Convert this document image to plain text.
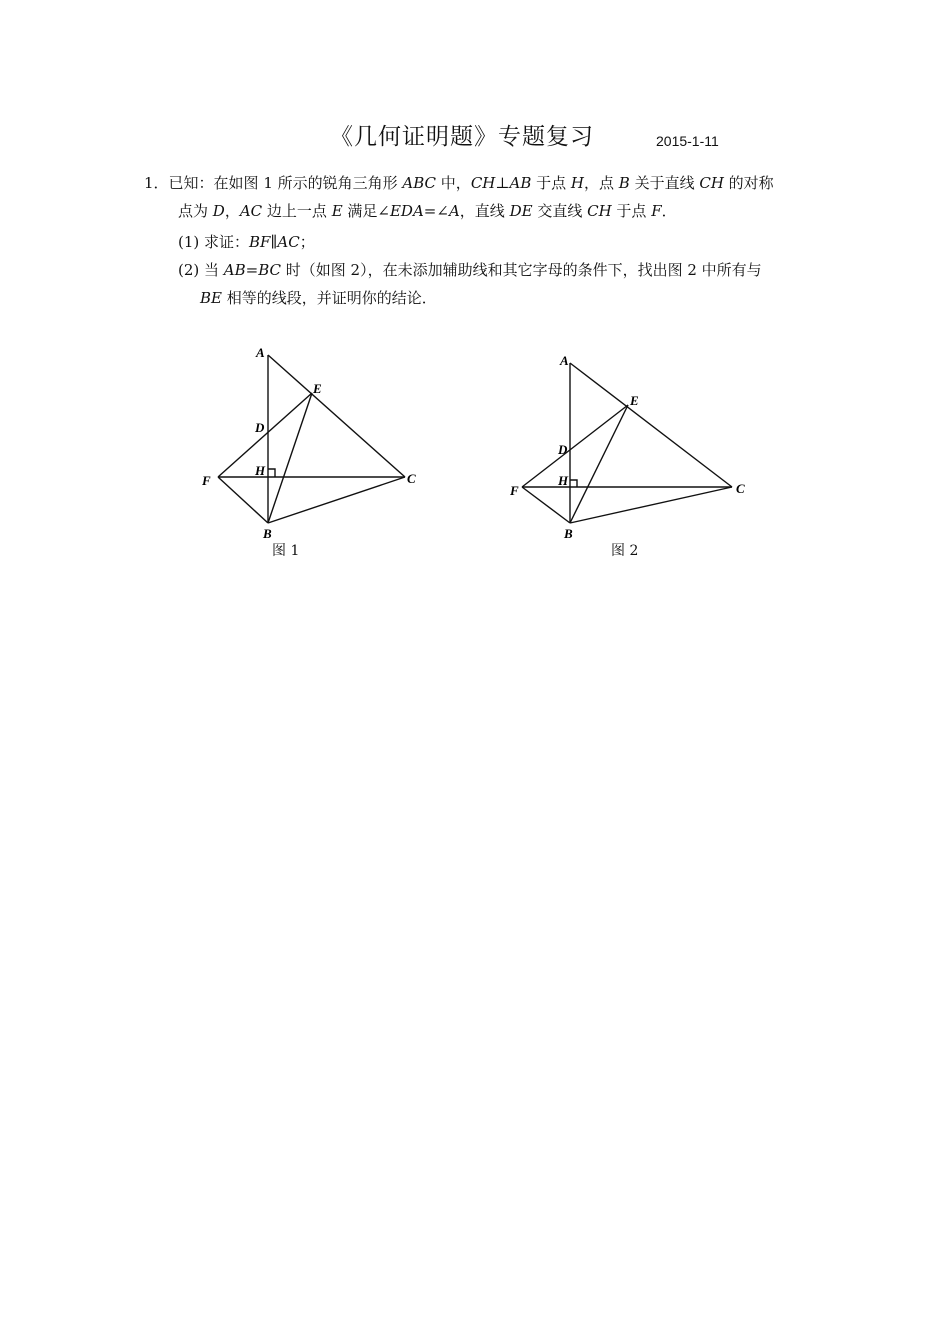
《几何证明题》专题复习	2015-1-11
1．已知：在如图 1 所示的锐角三角形 ABC 中，CH⊥AB 于点 H，点 B 关于直线 CH 的对称
点为 D，AC 边上一点 E 满足∠EDA=∠A，直线 DE 交直线 CH 于点 F．
(1) 求证：BF∥AC；
(2) 当 AB=BC 时（如图 2），在未添加辅助线和其它字母的条件下，找出图 2 中所有与
BE 相等的线段，并证明你的结论．
A
E
D
H
F	C
B
图 1
A
E
D
H
F	C
B
图 2
